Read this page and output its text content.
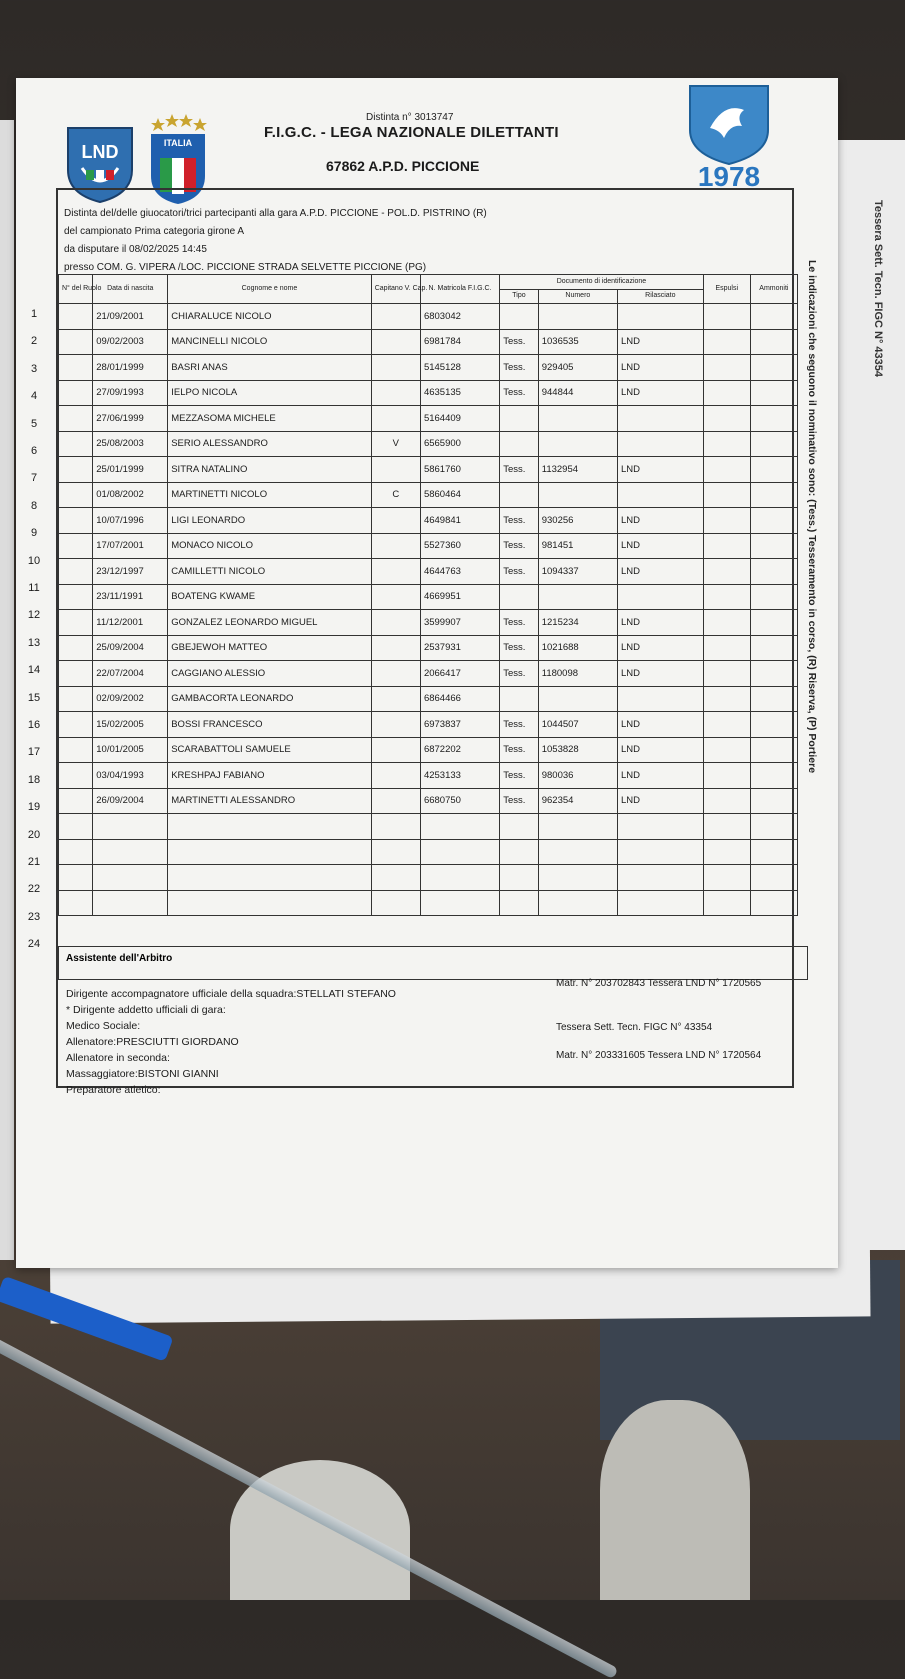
Tessera Sett. Tecn. FIGC N° 43354
LND	ITALIA
1978
Distinta n° 3013747
F.I.G.C. - LEGA NAZIONALE DILETTANTI
67862 A.P.D. PICCIONE
Distinta del/delle giuocatori/trici partecipanti alla gara A.P.D. PICCIONE - POL.D. PISTRINO (R)
del campionato Prima categoria girone A
da disputare il 08/02/2025 14:45
presso COM. G. VIPERA /LOC. PICCIONE STRADA SELVETTE PICCIONE (PG)
1
2
3
4
5
6
7
8
9
10
11
12
13
14
15
16
17
18
19
20
21
22
23
24
N° del Ruolo	Data di nascita	Cognome e nome	Capitano V. Cap.	N. Matricola F.I.G.C.	Documento di identificazione			Espulsi	Ammoniti
					Tipo	Numero	Rilasciato		
	21/09/2001	CHIARALUCE NICOLO		6803042					
	09/02/2003	MANCINELLI NICOLO		6981784	Tess.	1036535	LND		
	28/01/1999	BASRI ANAS		5145128	Tess.	929405	LND		
	27/09/1993	IELPO NICOLA		4635135	Tess.	944844	LND		
	27/06/1999	MEZZASOMA MICHELE		5164409					
	25/08/2003	SERIO ALESSANDRO	V	6565900					
	25/01/1999	SITRA NATALINO		5861760	Tess.	1132954	LND		
	01/08/2002	MARTINETTI NICOLO	C	5860464					
	10/07/1996	LIGI LEONARDO		4649841	Tess.	930256	LND		
	17/07/2001	MONACO NICOLO		5527360	Tess.	981451	LND		
	23/12/1997	CAMILLETTI NICOLO		4644763	Tess.	1094337	LND		
	23/11/1991	BOATENG KWAME		4669951					
	11/12/2001	GONZALEZ LEONARDO MIGUEL		3599907	Tess.	1215234	LND		
	25/09/2004	GBEJEWOH MATTEO		2537931	Tess.	1021688	LND		
	22/07/2004	CAGGIANO ALESSIO		2066417	Tess.	1180098	LND		
	02/09/2002	GAMBACORTA LEONARDO		6864466					
	15/02/2005	BOSSI FRANCESCO		6973837	Tess.	1044507	LND		
	10/01/2005	SCARABATTOLI SAMUELE		6872202	Tess.	1053828	LND		
	03/04/1993	KRESHPAJ FABIANO		4253133	Tess.	980036	LND		
	26/09/2004	MARTINETTI ALESSANDRO		6680750	Tess.	962354	LND		

Assistente dell'Arbitro
Le indicazioni che seguono il nominativo sono: (Tess.) Tesseramento in corso, (R) Riserva, (P) Portiere
Dirigente accompagnatore ufficiale della squadra:STELLATI STEFANO
Matr. N° 203702843 Tessera LND N° 1720565
* Dirigente addetto ufficiali di gara:
Medico Sociale:
Allenatore:PRESCIUTTI GIORDANO
Tessera Sett. Tecn. FIGC N° 43354
Allenatore in seconda:
Massaggiatore:BISTONI GIANNI
Matr. N° 203331605 Tessera LND N° 1720564
Preparatore atletico:
